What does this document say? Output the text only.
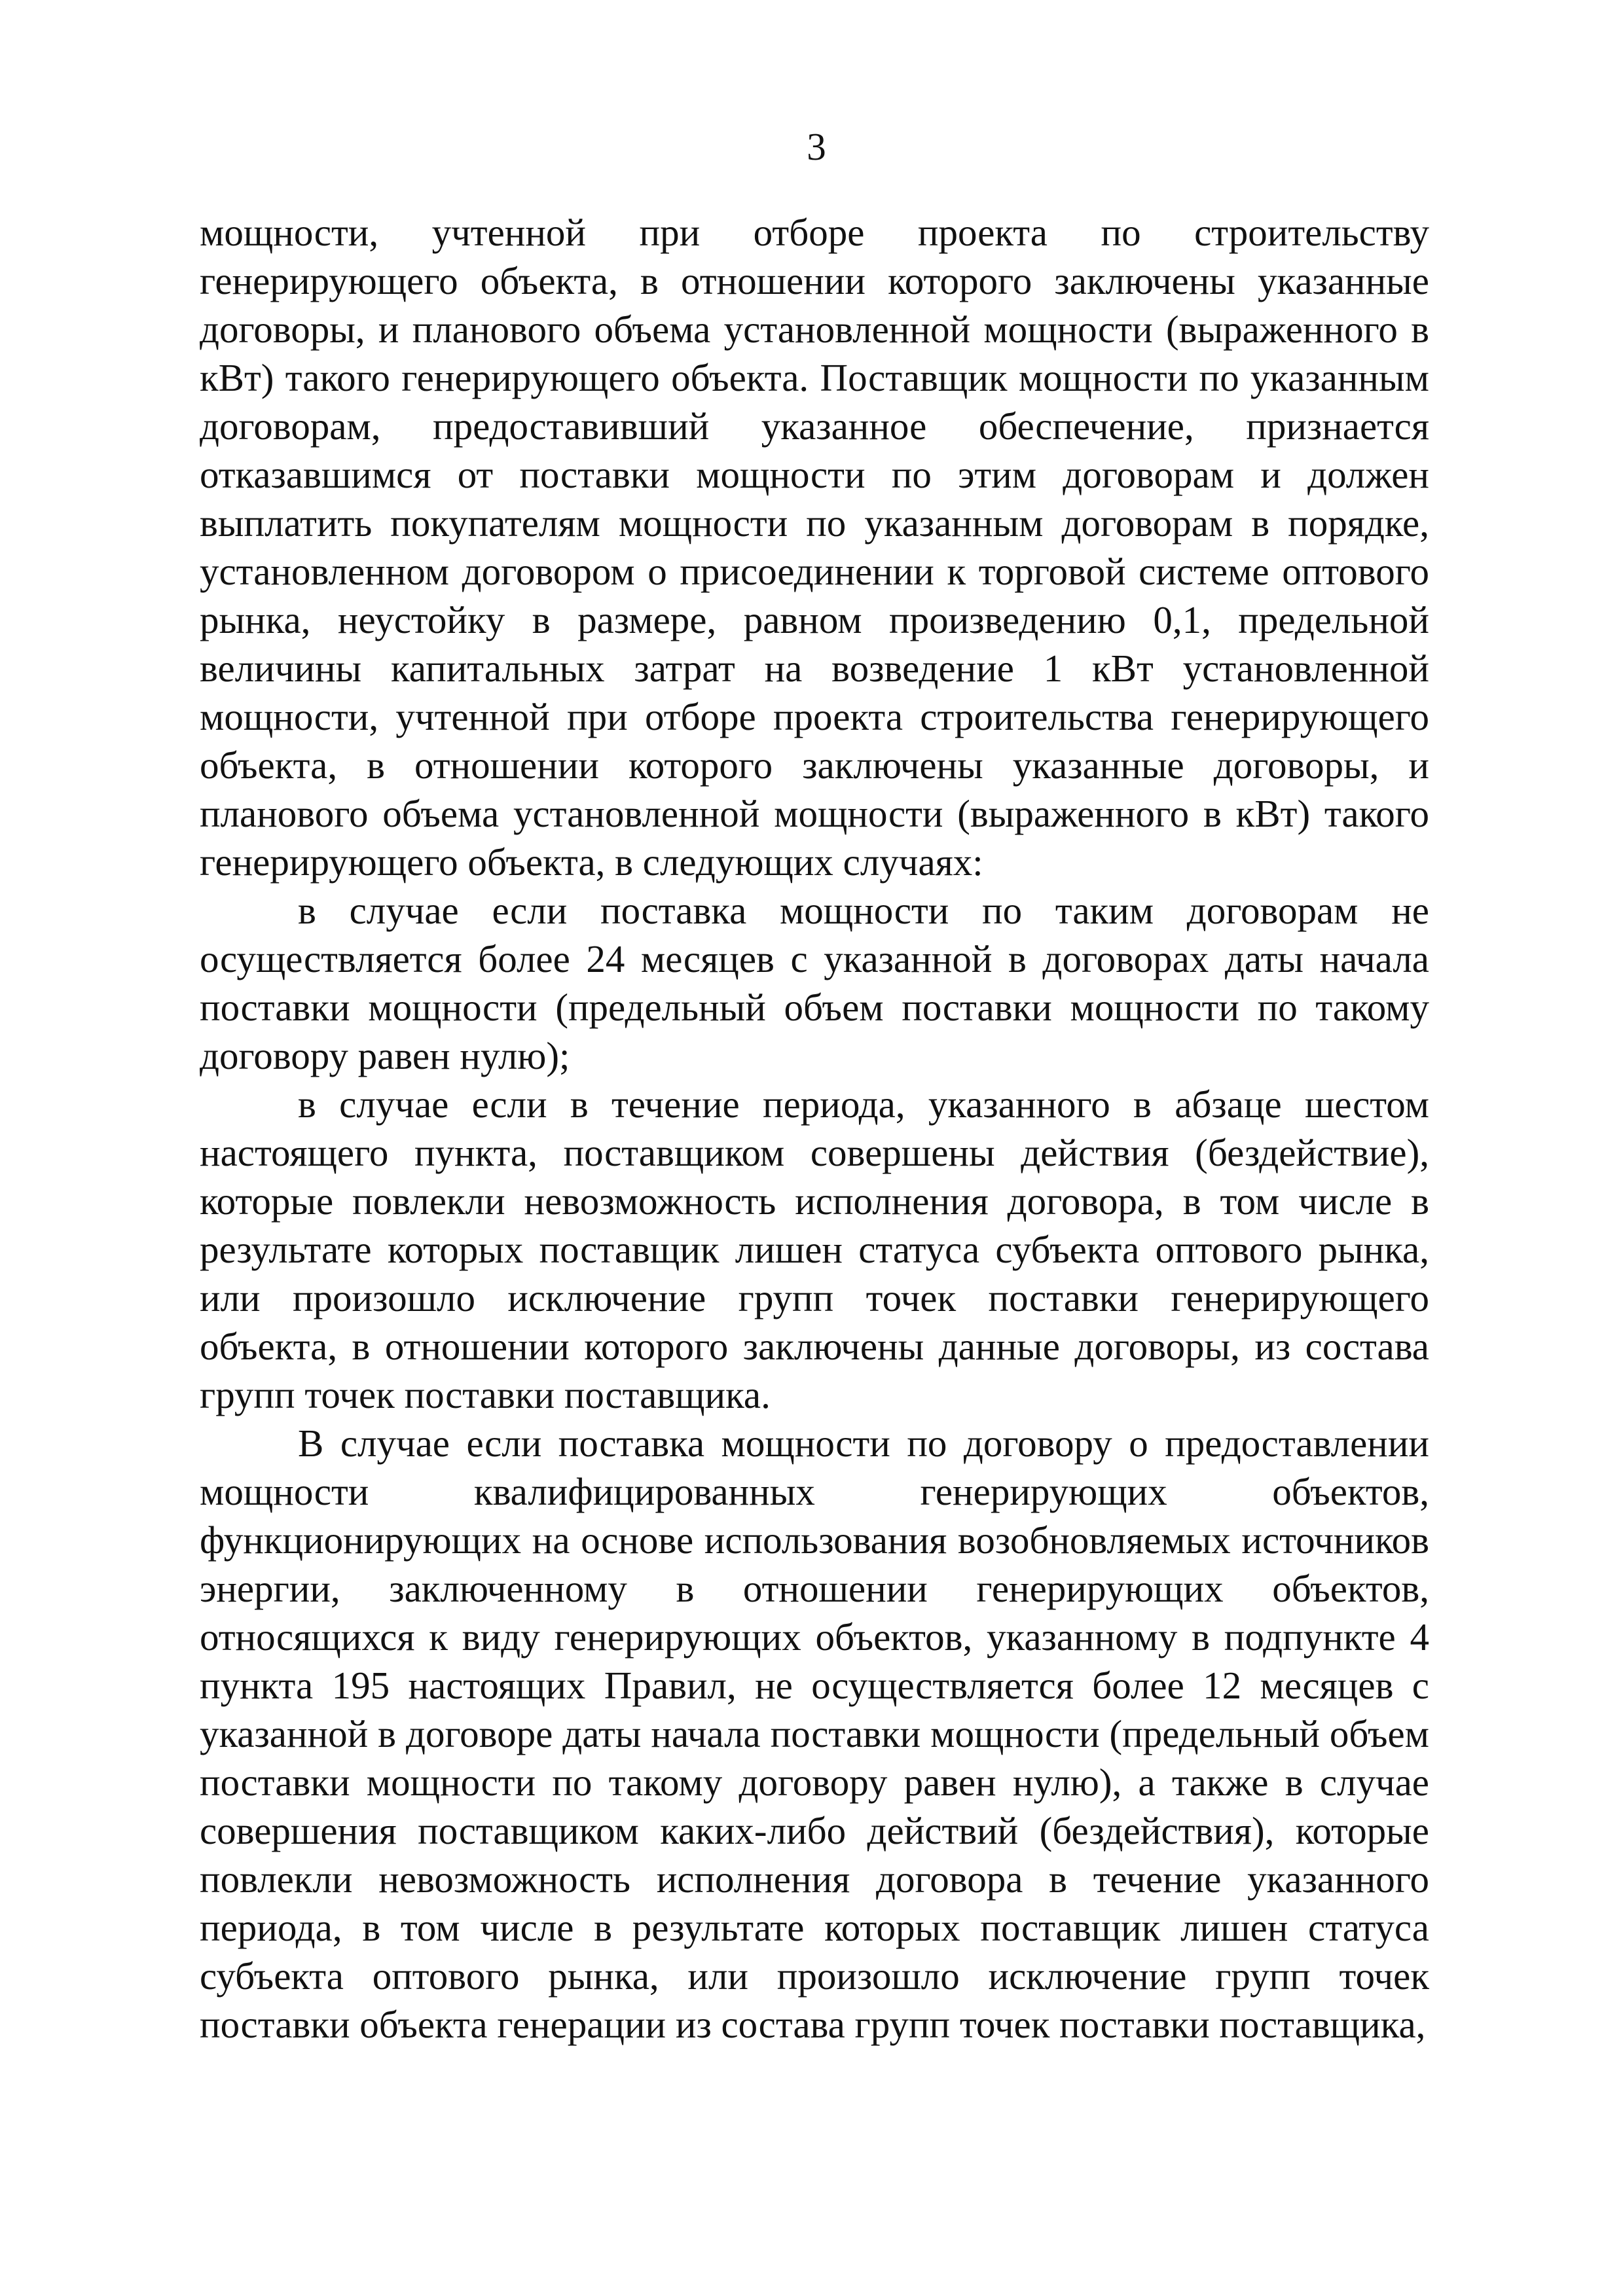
3

мощности, учтенной при отборе проекта по строительству генерирующего объекта, в отношении которого заключены указанные договоры, и планового объема установленной мощности (выраженного в кВт) такого генерирующего объекта. Поставщик мощности по указанным договорам, предоставивший указанное обеспечение, признается отказавшимся от поставки мощности по этим договорам и должен выплатить покупателям мощности по указанным договорам в порядке, установленном договором о присоединении к торговой системе оптового рынка, неустойку в размере, равном произведению 0,1, предельной величины капитальных затрат на возведение 1 кВт установленной мощности, учтенной при отборе проекта строительства генерирующего объекта, в отношении которого заключены указанные договоры, и планового объема установленной мощности (выраженного в кВт) такого генерирующего объекта, в следующих случаях:

в случае если поставка мощности по таким договорам не осуществляется более 24 месяцев с указанной в договорах даты начала поставки мощности (предельный объем поставки мощности по такому договору равен нулю);

в случае если в течение периода, указанного в абзаце шестом настоящего пункта, поставщиком совершены действия (бездействие), которые повлекли невозможность исполнения договора, в том числе в результате которых поставщик лишен статуса субъекта оптового рынка, или произошло исключение групп точек поставки генерирующего объекта, в отношении которого заключены данные договоры, из состава групп точек поставки поставщика.

В случае если поставка мощности по договору о предоставлении мощности квалифицированных генерирующих объектов, функционирующих на основе использования возобновляемых источников энергии, заключенному в отношении генерирующих объектов, относящихся к виду генерирующих объектов, указанному в подпункте 4 пункта 195 настоящих Правил, не осуществляется более 12 месяцев с указанной в договоре даты начала поставки мощности (предельный объем поставки мощности по такому договору равен нулю), а также в случае совершения поставщиком каких-либо действий (бездействия), которые повлекли невозможность исполнения договора в течение указанного периода, в том числе в результате которых поставщик лишен статуса субъекта оптового рынка, или произошло исключение групп точек поставки объекта генерации из состава групп точек поставки поставщика,
